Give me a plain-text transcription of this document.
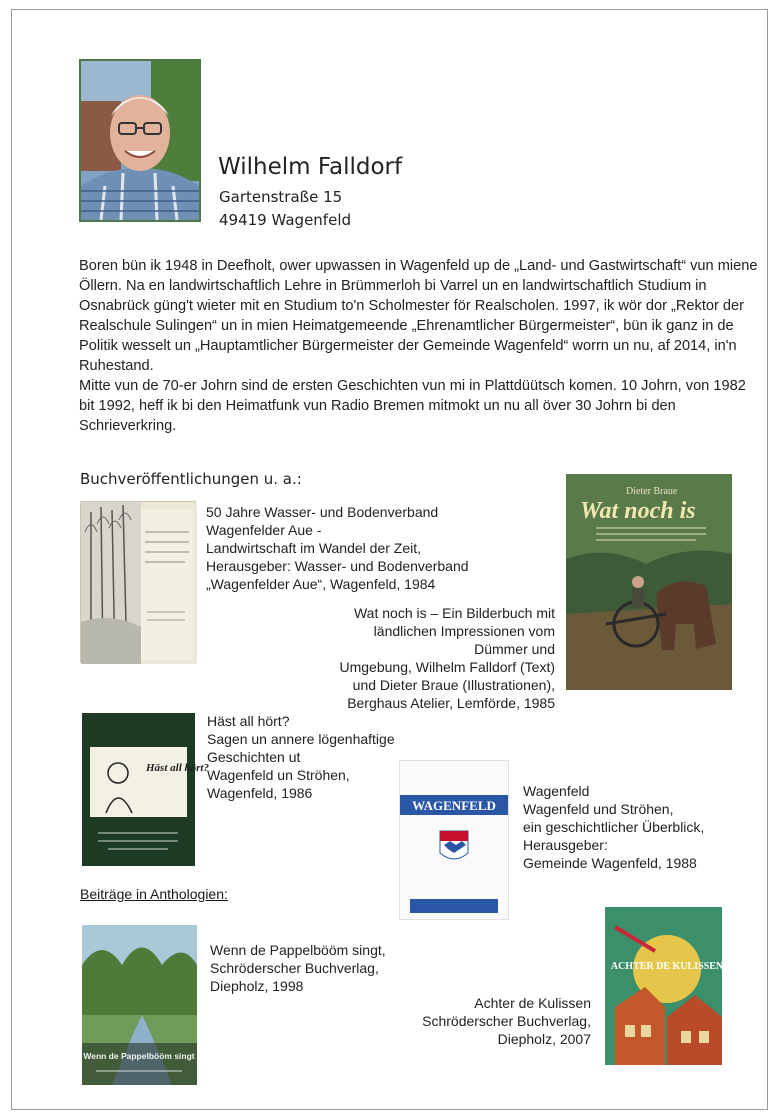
Wilhelm Falldorf
Gartenstraße 15
49419 Wagenfeld

Boren bün ik 1948 in Deefholt, ower upwassen in Wagenfeld up de „Land- und Gastwirtschaft“ vun miene Öllern. Na en landwirtschaftlich Lehre in Brümmerloh bi Varrel un en landwirtschaftlich Studium in Osnabrück güng't wieter mit en Studium to'n Scholmester för Realscholen. 1997, ik wör dor „Rektor der Realschule Sulingen“ un in mien Heimatgemeende „Ehrenamtlicher Bürgermeister“, bün ik ganz in de Politik wesselt un „Hauptamtlicher Bürgermeister der Gemeinde Wagenfeld“ worrn un nu, af 2014, in'n Ruhestand.

Mitte vun de 70-er Johrn sind de ersten Geschichten vun mi in Plattdüütsch komen. 10 Johrn, von 1982 bit 1992, heff ik bi den Heimatfunk vun Radio Bremen mitmokt un nu all över 30 Johrn bi den Schrieverkring.

Buchveröffentlichungen u. a.:
50 Jahre Wasser- und Bodenverband
Wagenfelder Aue -
Landwirtschaft im Wandel der Zeit,
Herausgeber: Wasser- und Bodenverband
„Wagenfelder Aue“, Wagenfeld, 1984
Dieter Braue
Wat noch is
Wat noch is – Ein Bilderbuch mit
ländlichen Impressionen vom Dümmer und
Umgebung, Wilhelm Falldorf (Text)
und Dieter Braue (Illustrationen),
Berghaus Atelier, Lemförde, 1985
Häst all hört?
Häst all hört?
Sagen un annere lögenhaftige
Geschichten ut
Wagenfeld un Ströhen,
Wagenfeld, 1986
WAGENFELD
Wagenfeld
Wagenfeld und Ströhen,
ein geschichtlicher Überblick,
Herausgeber:
Gemeinde Wagenfeld, 1988
Beiträge in Anthologien:
Wenn de Pappelbööm singt
Wenn de Pappelbööm singt,
Schröderscher Buchverlag,
Diepholz, 1998
ACHTER DE KULISSEN
Achter de Kulissen
Schröderscher Buchverlag,
Diepholz, 2007
